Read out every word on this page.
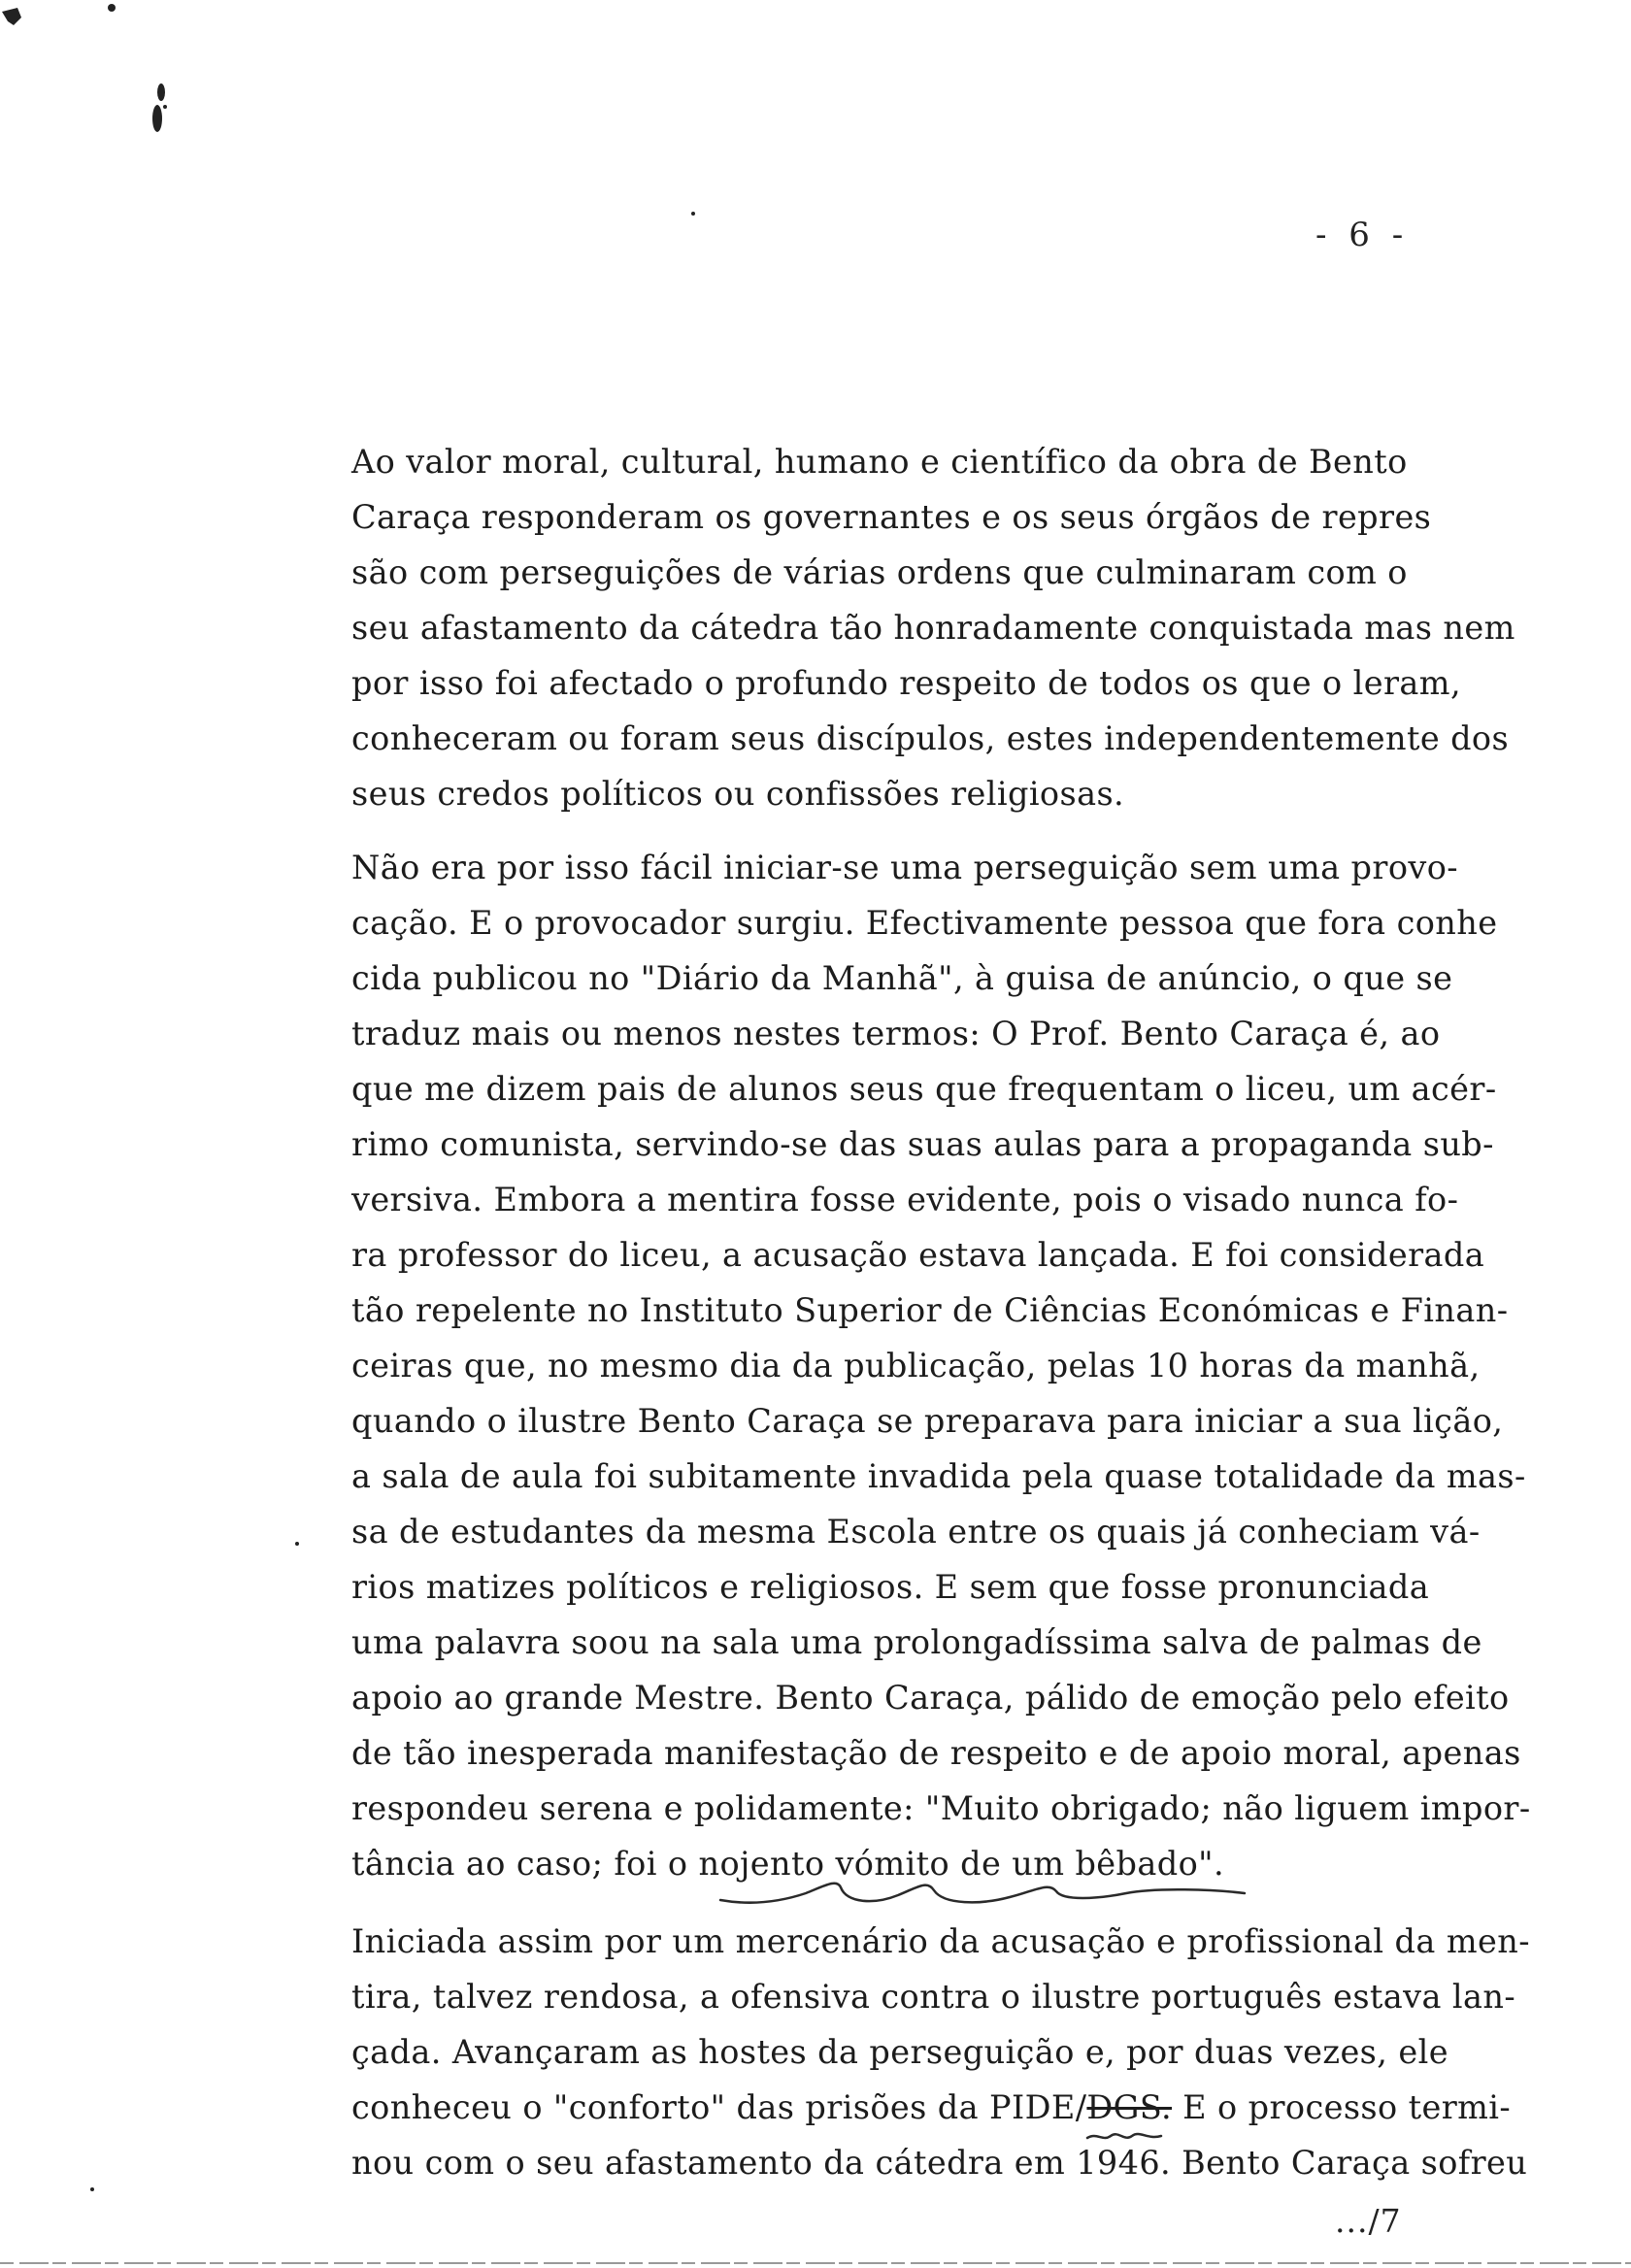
- 6 -
Ao valor moral, cultural, humano e científico da obra de Bento
Caraça responderam os governantes e os seus órgãos de repres
são com perseguições de várias ordens que culminaram com o
seu afastamento da cátedra tão honradamente conquistada mas nem
por isso foi afectado o profundo respeito de todos os que o leram,
conheceram ou foram seus discípulos, estes independentemente dos
seus credos políticos ou confissões religiosas.
Não era por isso fácil iniciar-se uma perseguição sem uma provo-
cação. E o provocador surgiu. Efectivamente pessoa que fora conhe
cida publicou no "Diário da Manhã", à guisa de anúncio, o que se
traduz mais ou menos nestes termos: O Prof. Bento Caraça é, ao
que me dizem pais de alunos seus que frequentam o liceu, um acér-
rimo comunista, servindo-se das suas aulas para a propaganda sub-
versiva. Embora a mentira fosse evidente, pois o visado nunca fo-
ra professor do liceu, a acusação estava lançada. E foi considerada
tão repelente no Instituto Superior de Ciências Económicas e Finan-
ceiras que, no mesmo dia da publicação, pelas 10 horas da manhã,
quando o ilustre Bento Caraça se preparava para iniciar a sua lição,
a sala de aula foi subitamente invadida pela quase totalidade da mas-
sa de estudantes da mesma Escola entre os quais já conheciam vá-
rios matizes políticos e religiosos. E sem que fosse pronunciada
uma palavra soou na sala uma prolongadíssima salva de palmas de
apoio ao grande Mestre. Bento Caraça, pálido de emoção pelo efeito
de tão inesperada manifestação de respeito e de apoio moral, apenas
respondeu serena e polidamente: "Muito obrigado; não liguem impor-
tância ao caso; foi o nojento vómito de um bêbado".
Iniciada assim por um mercenário da acusação e profissional da men-
tira, talvez rendosa, a ofensiva contra o ilustre português estava lan-
çada. Avançaram as hostes da perseguição e, por duas vezes, ele
conheceu o "conforto" das prisões da PIDE/DGS. E o processo termi-
nou com o seu afastamento da cátedra em 1946. Bento Caraça sofreu
.../7
